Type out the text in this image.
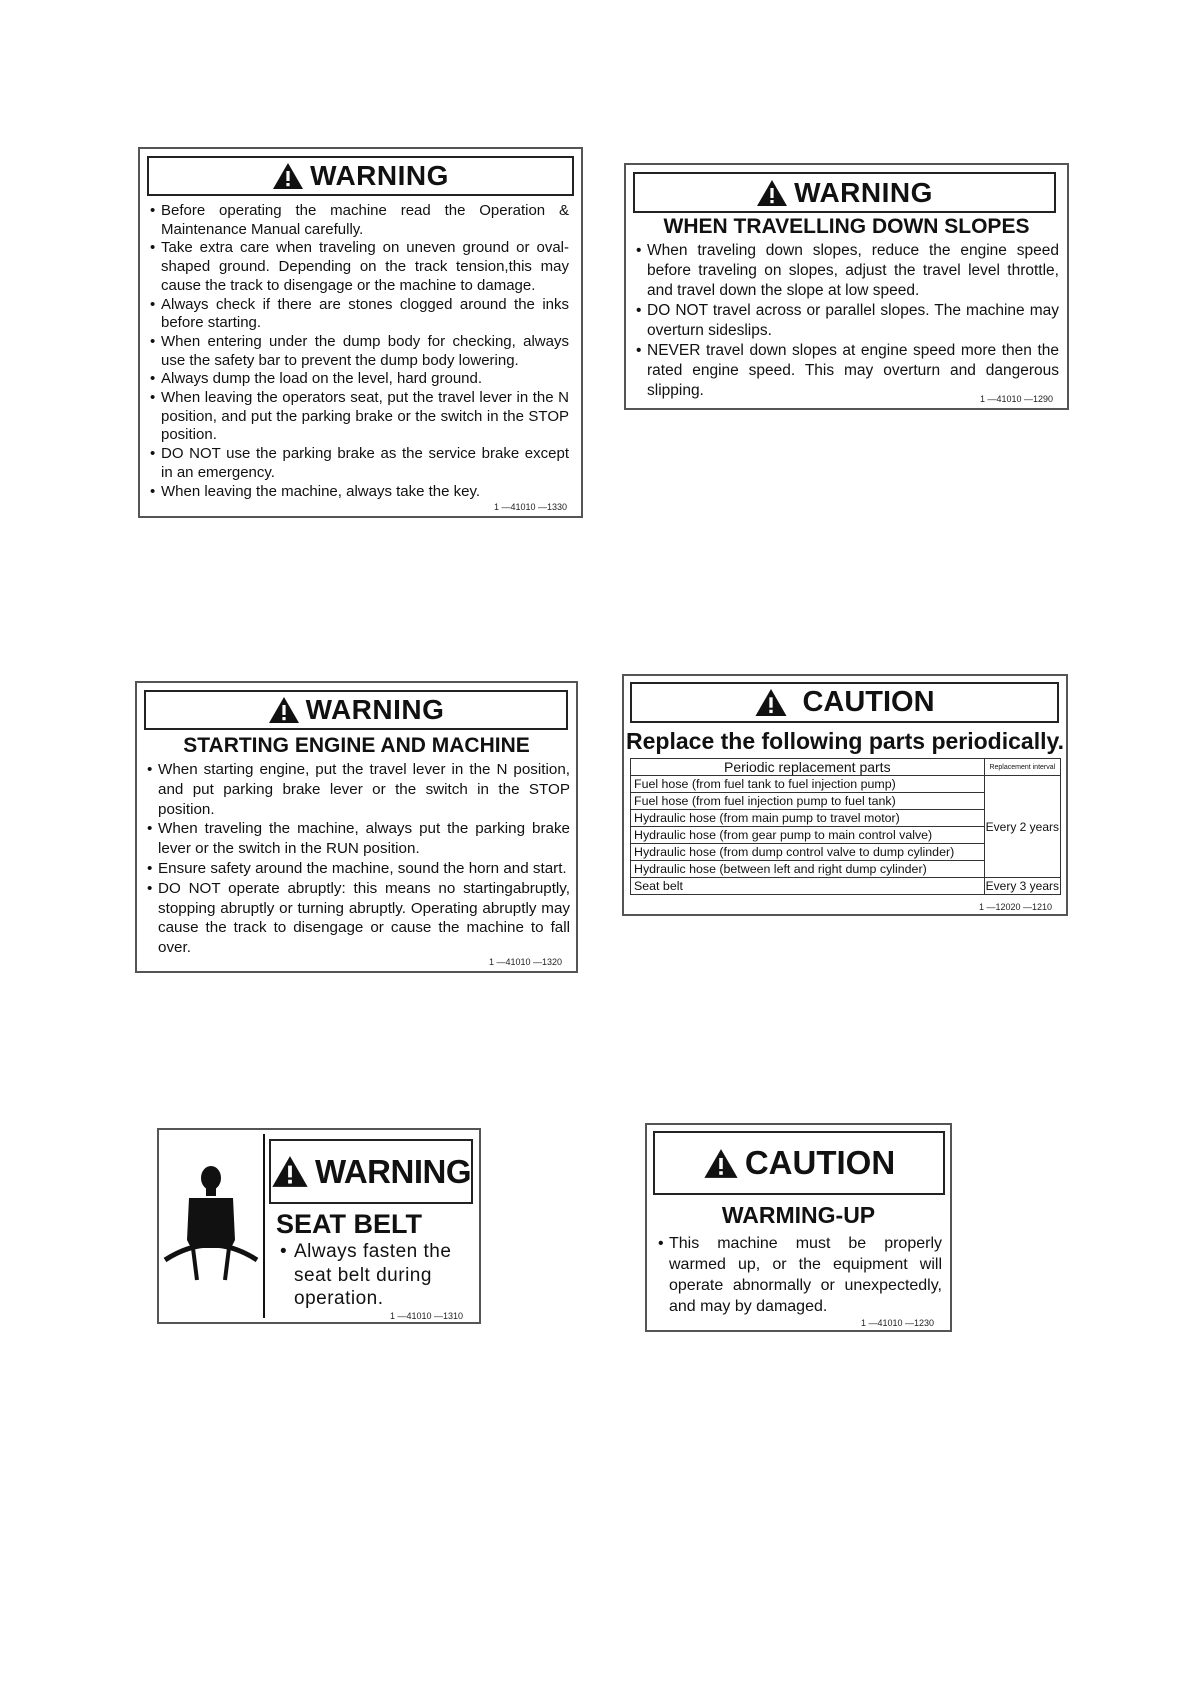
WARNING
• Before operating the machine read the Operation & Maintenance Manual carefully.
• Take extra care when traveling on uneven ground or oval-shaped ground. Depending on the track tension,this may cause the track to disengage or the machine to damage.
• Always check if there are stones clogged around the inks before starting.
• When entering under the dump body for checking, always use the safety bar to prevent the dump body lowering.
• Always dump the load on the level, hard ground.
• When leaving the operators seat, put the travel lever in the N position, and put the parking brake or the switch in the STOP position.
• DO NOT use the parking brake as the service brake except in an emergency.
• When leaving the machine, always take the key.
1 —41010 —1330
WARNING
WHEN TRAVELLING DOWN SLOPES
• When traveling down slopes, reduce the engine speed before traveling on slopes, adjust the travel level throttle, and travel down the slope at low speed.
• DO NOT travel across or parallel slopes. The machine may overturn sideslips.
• NEVER travel down slopes at engine speed more then the rated engine speed. This may overturn and dangerous slipping.	1 —41010 —1290
WARNING
STARTING ENGINE AND MACHINE
• When starting engine, put the travel lever in the N position, and put parking brake lever or the switch in the STOP position.
• When traveling the machine, always put the parking brake lever or the switch in the RUN position.
• Ensure safety around the machine, sound the horn and start.
• DO NOT operate abruptly: this means no startingabruptly, stopping abruptly or turning abruptly. Operating abruptly may cause the track to disengage or cause the machine to fall over.
1 —41010 —1320
CAUTION
Replace the following parts periodically.
Periodic replacement parts	Replacement interval
Fuel hose (from fuel tank to fuel injection pump)	Every 2 years
Fuel hose (from fuel injection pump to fuel tank)	
Hydraulic hose (from main pump to travel motor)	
Hydraulic hose (from gear pump to main control valve)	
Hydraulic hose (from dump control valve to dump cylinder)	
Hydraulic hose (between left and right dump cylinder)	
Seat belt	Every 3 years
1 —12020 —1210
WARNING
SEAT BELT
• Always fasten the seat belt during operation.
1 —41010 —1310
CAUTION
WARMING-UP
• This machine must be properly warmed up, or the equipment will operate abnormally or unexpectedly, and may by damaged.
1 —41010 —1230
